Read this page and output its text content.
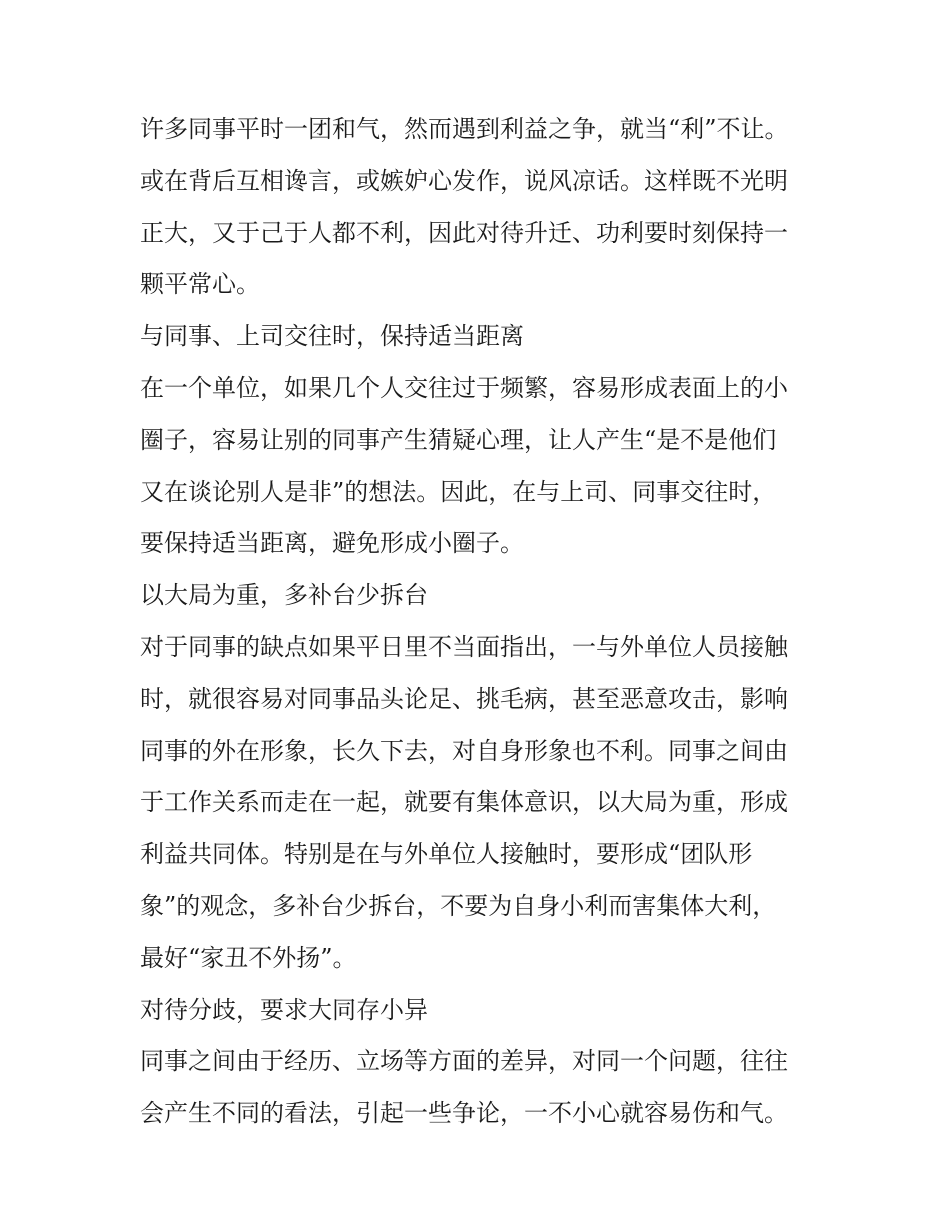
许多同事平时一团和气，然而遇到利益之争，就当“利”不让。
或在背后互相谗言，或嫉妒心发作，说风凉话。这样既不光明
正大，又于己于人都不利，因此对待升迁、功利要时刻保持一
颗平常心。
与同事、上司交往时，保持适当距离
在一个单位，如果几个人交往过于频繁，容易形成表面上的小
圈子，容易让别的同事产生猜疑心理，让人产生“是不是他们
又在谈论别人是非”的想法。因此，在与上司、同事交往时，
要保持适当距离，避免形成小圈子。
以大局为重，多补台少拆台
对于同事的缺点如果平日里不当面指出，一与外单位人员接触
时，就很容易对同事品头论足、挑毛病，甚至恶意攻击，影响
同事的外在形象，长久下去，对自身形象也不利。同事之间由
于工作关系而走在一起，就要有集体意识，以大局为重，形成
利益共同体。特别是在与外单位人接触时，要形成“团队形
象”的观念，多补台少拆台，不要为自身小利而害集体大利，
最好“家丑不外扬”。
对待分歧，要求大同存小异
同事之间由于经历、立场等方面的差异，对同一个问题，往往
会产生不同的看法，引起一些争论，一不小心就容易伤和气。
